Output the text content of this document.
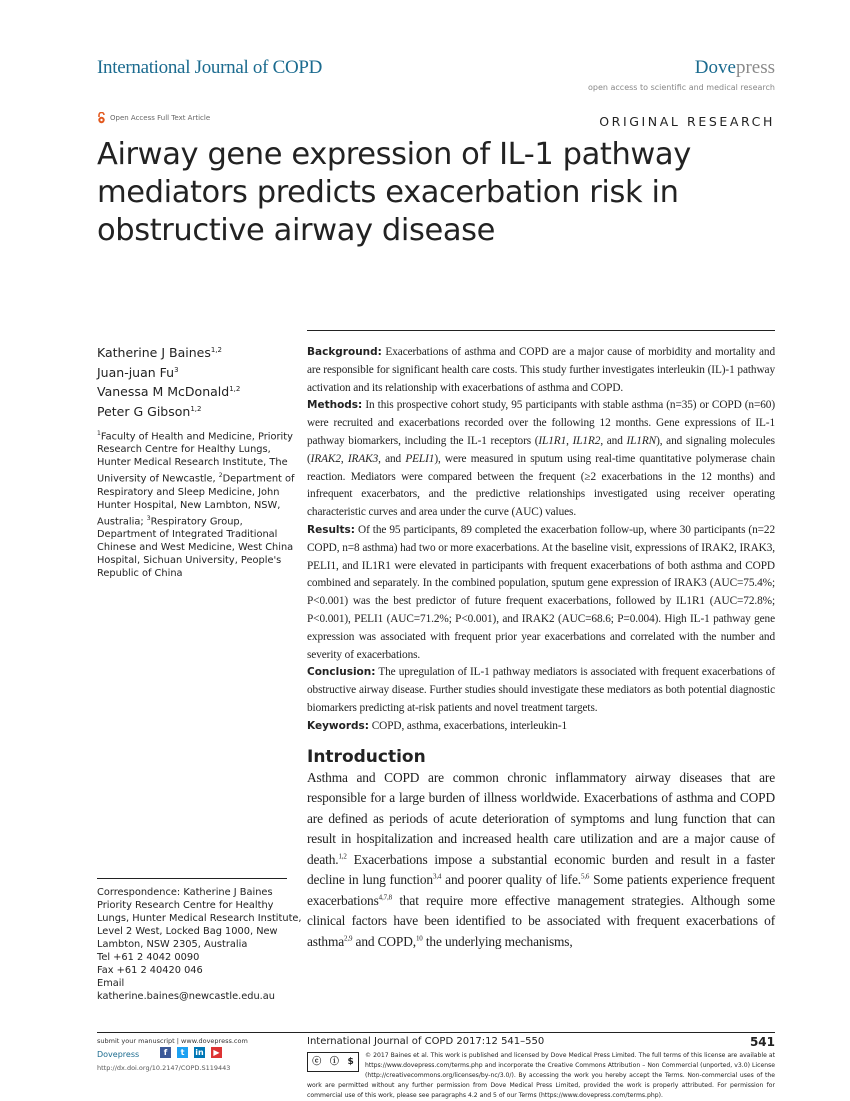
International Journal of COPD	Dovepress
open access to scientific and medical research
Open Access Full Text Article	ORIGINAL RESEARCH
Airway gene expression of IL-1 pathway mediators predicts exacerbation risk in obstructive airway disease
Katherine J Baines$^{1,2}$
Juan-juan Fu$^3$
Vanessa M McDonald$^{1,2}$
Peter G Gibson$^{1,2}$
$^1$Faculty of Health and Medicine, Priority Research Centre for Healthy Lungs, Hunter Medical Research Institute, The University of Newcastle, $^2$Department of Respiratory and Sleep Medicine, John Hunter Hospital, New Lambton, NSW, Australia; $^3$Respiratory Group, Department of Integrated Traditional Chinese and West Medicine, West China Hospital, Sichuan University, People's Republic of China

Background: Exacerbations of asthma and COPD are a major cause of morbidity and mortality and are responsible for significant health care costs. This study further investigates interleukin (IL)-1 pathway activation and its relationship with exacerbations of asthma and COPD.

Methods: In this prospective cohort study, 95 participants with stable asthma (n=35) or COPD (n=60) were recruited and exacerbations recorded over the following 12 months. Gene expressions of IL-1 pathway biomarkers, including the IL-1 receptors (IL1R1, IL1R2, and IL1RN), and signaling molecules (IRAK2, IRAK3, and PELI1), were measured in sputum using real-time quantitative polymerase chain reaction. Mediators were compared between the frequent (≥2 exacerbations in the 12 months) and infrequent exacerbators, and the predictive relationships investigated using receiver operating characteristic curves and area under the curve (AUC) values.

Results: Of the 95 participants, 89 completed the exacerbation follow-up, where 30 participants (n=22 COPD, n=8 asthma) had two or more exacerbations. At the baseline visit, expressions of IRAK2, IRAK3, PELI1, and IL1R1 were elevated in participants with frequent exacerbations of both asthma and COPD combined and separately. In the combined population, sputum gene expression of IRAK3 (AUC=75.4%; P<0.001) was the best predictor of future frequent exacerbations, followed by IL1R1 (AUC=72.8%; P<0.001), PELI1 (AUC=71.2%; P<0.001), and IRAK2 (AUC=68.6; P=0.004). High IL-1 pathway gene expression was associated with frequent prior year exacerbations and correlated with the number and severity of exacerbations.

Conclusion: The upregulation of IL-1 pathway mediators is associated with frequent exacerbations of obstructive airway disease. Further studies should investigate these mediators as both potential diagnostic biomarkers predicting at-risk patients and novel treatment targets.

Keywords: COPD, asthma, exacerbations, interleukin-1

Introduction
Asthma and COPD are common chronic inflammatory airway diseases that are responsible for a large burden of illness worldwide. Exacerbations of asthma and COPD are defined as periods of acute deterioration of symptoms and lung function that can result in hospitalization and increased health care utilization and are a major cause of death.$^{1,2}$ Exacerbations impose a substantial economic burden and result in a faster decline in lung function$^{3,4}$ and poorer quality of life.$^{5,6}$ Some patients experience frequent exacerbations$^{4,7,8}$ that require more effective management strategies. Although some clinical factors have been identified to be associated with frequent exacerbations of asthma$^{2,9}$ and COPD,$^{10}$ the underlying mechanisms,
Correspondence: Katherine J Baines
Priority Research Centre for Healthy
Lungs, Hunter Medical Research Institute,
Level 2 West, Locked Bag 1000, New
Lambton, NSW 2305, Australia
Tel +61 2 4042 0090
Fax +61 2 40420 046
Email katherine.baines@newcastle.edu.au
submit your manuscript | www.dovepress.com
Dovepress	f	t	in	▶
http://dx.doi.org/10.2147/COPD.S119443
International Journal of COPD 2017:12 541–550	541
ⓒ ⓘ $
© 2017 Baines et al. This work is published and licensed by Dove Medical Press Limited. The full terms of this license are available at https://www.dovepress.com/terms.php and incorporate the Creative Commons Attribution – Non Commercial (unported, v3.0) License (http://creativecommons.org/licenses/by-nc/3.0/). By accessing the work you hereby accept the Terms. Non-commercial uses of the work are permitted without any further permission from Dove Medical Press Limited, provided the work is properly attributed. For permission for commercial use of this work, please see paragraphs 4.2 and 5 of our Terms (https://www.dovepress.com/terms.php).
